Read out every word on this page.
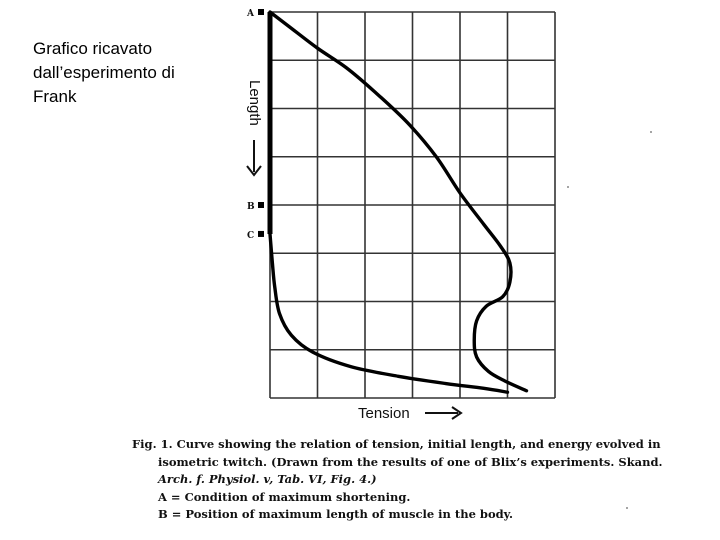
Grafico ricavato
dall’esperimento di
Frank
A
B
C
Length
Tension
Fig. 1. Curve showing the relation of tension, initial length, and energy evolved in
isometric twitch. (Drawn from the results of one of Blix’s experiments. Skand.
Arch. f. Physiol. v, Tab. VI, Fig. 4.)
A = Condition of maximum shortening.
B = Position of maximum length of muscle in the body.
